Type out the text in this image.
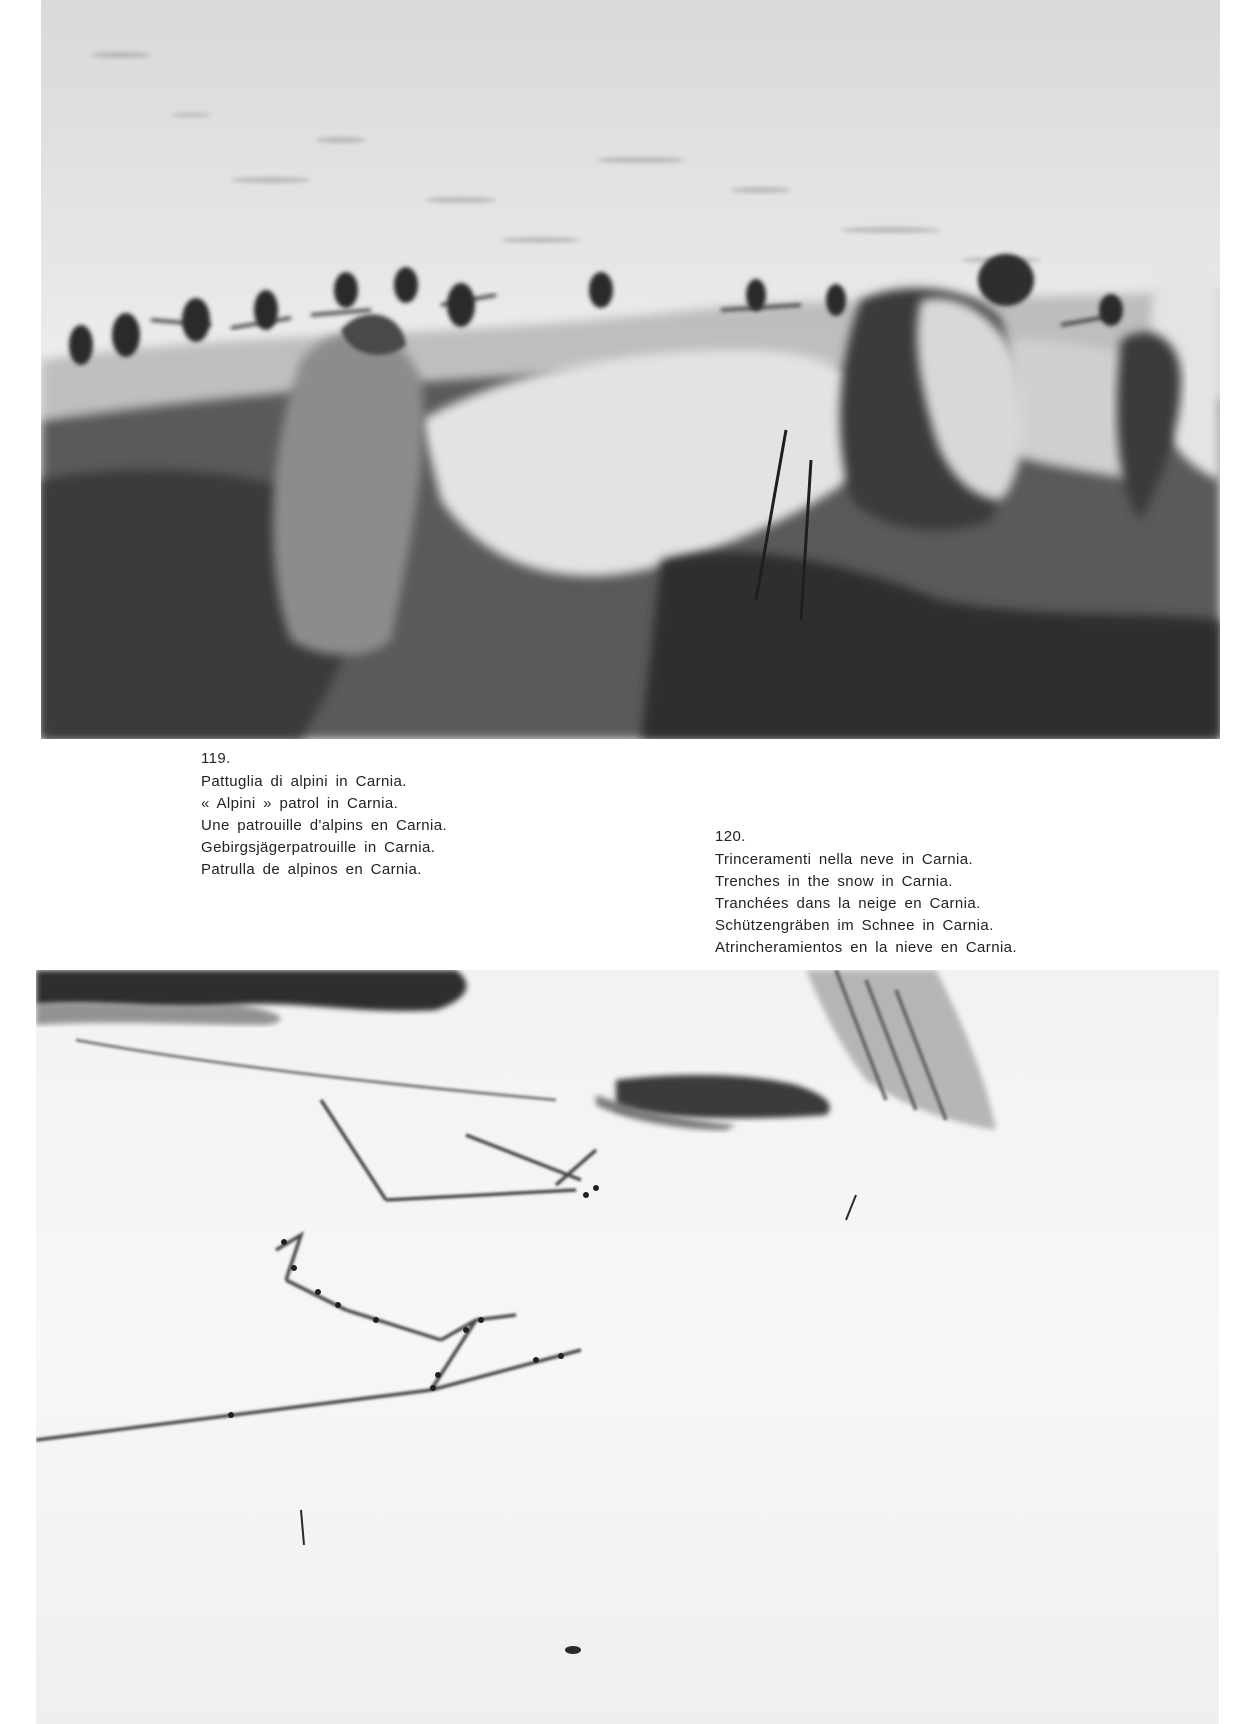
119.
Pattuglia di alpini in Carnia.
« Alpini » patrol in Carnia.
Une patrouille d'alpins en Carnia.
Gebirgsjägerpatrouille in Carnia.
Patrulla de alpinos en Carnia.
120.
Trinceramenti nella neve in Carnia.
Trenches in the snow in Carnia.
Tranchées dans la neige en Carnia.
Schützengräben im Schnee in Carnia.
Atrincheramientos en la nieve en Carnia.
